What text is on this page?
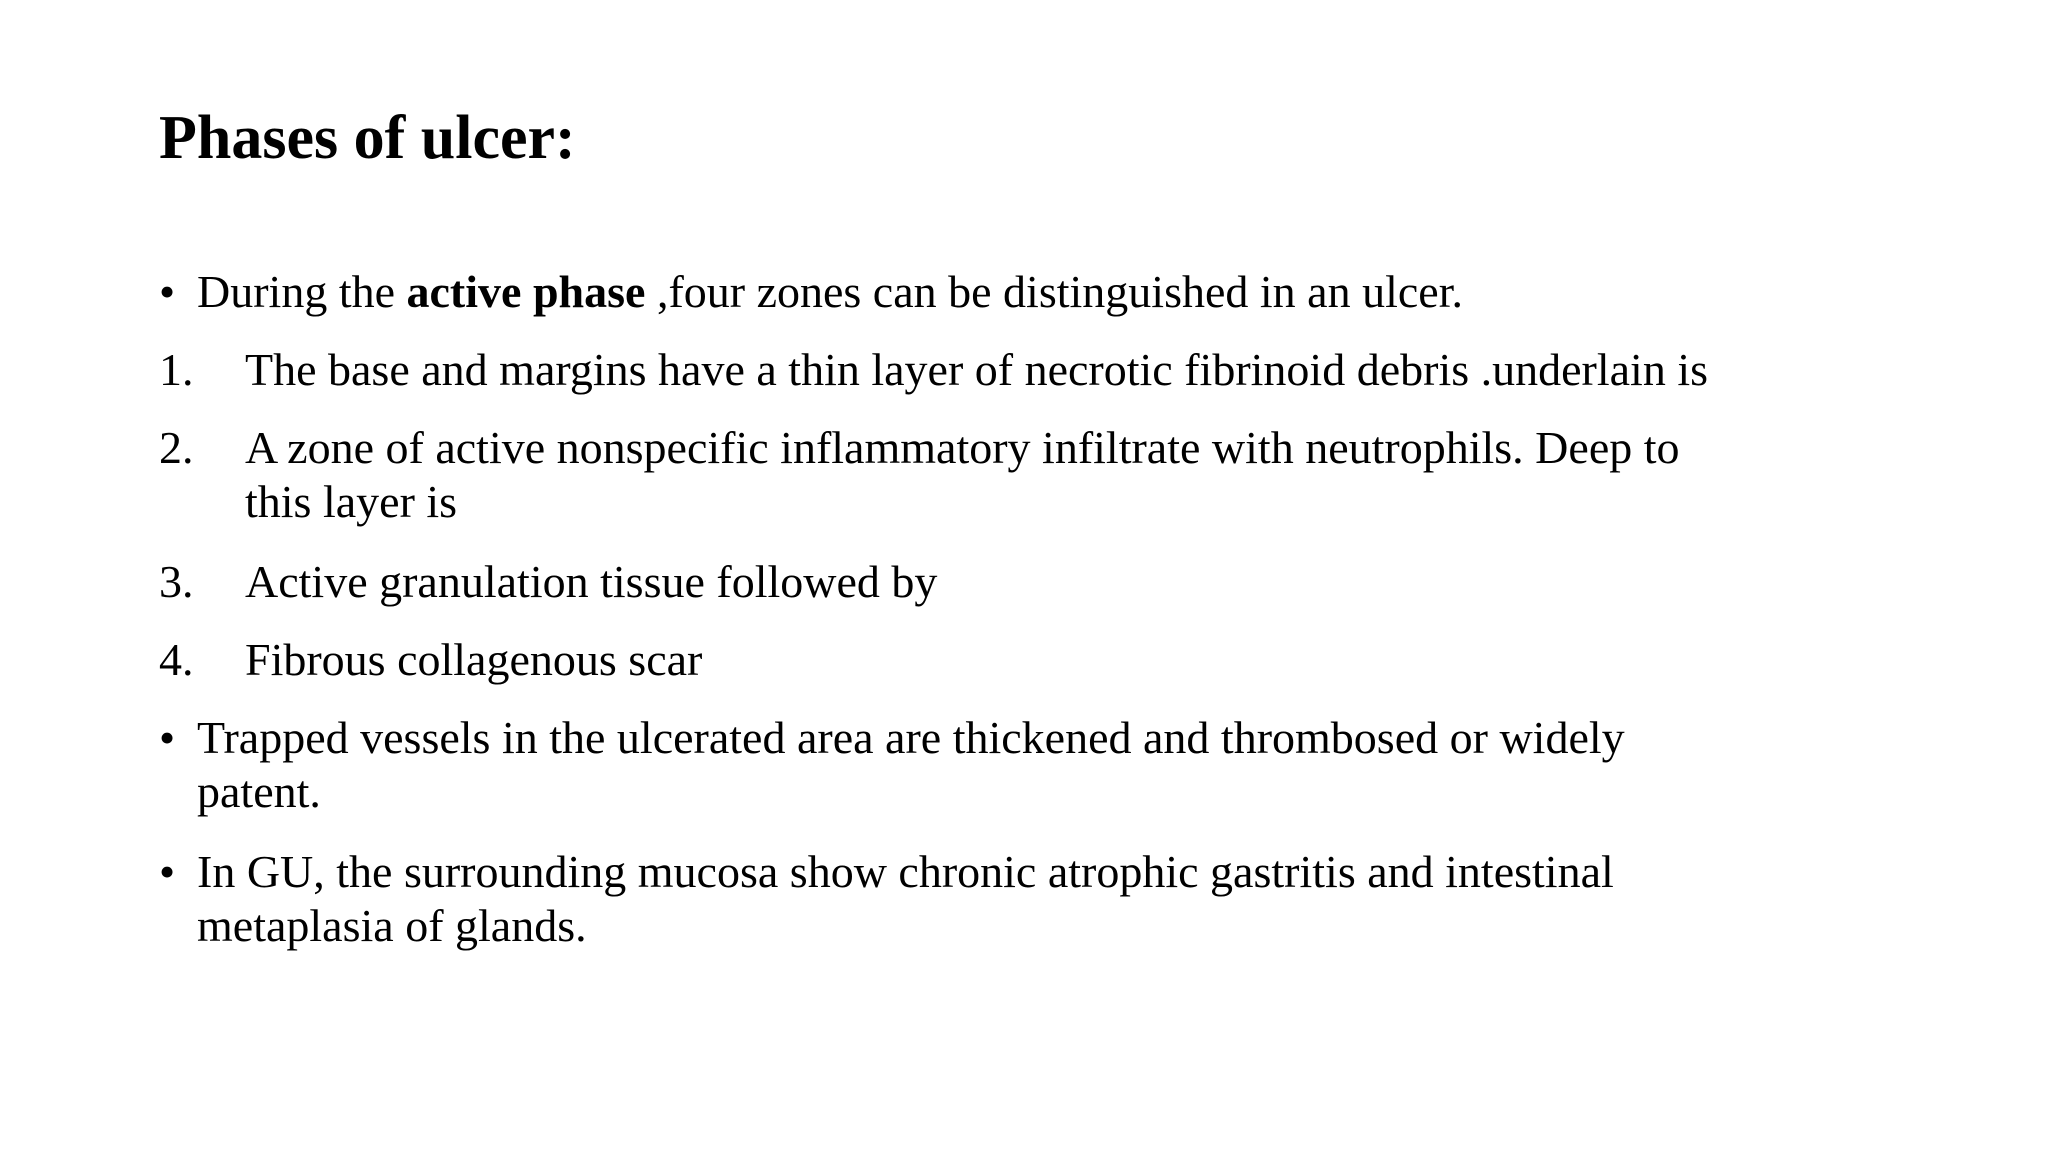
Phases of ulcer:
• During the active phase ,four zones can be distinguished in an ulcer.
1. The base and margins have a thin layer of necrotic fibrinoid debris .underlain is
2. A zone of active nonspecific inflammatory infiltrate with neutrophils. Deep to
this layer is
3. Active granulation tissue followed by
4. Fibrous collagenous scar
• Trapped vessels in the ulcerated area are thickened and thrombosed or widely
patent.
• In GU, the surrounding mucosa show chronic atrophic gastritis and intestinal
metaplasia of glands.
